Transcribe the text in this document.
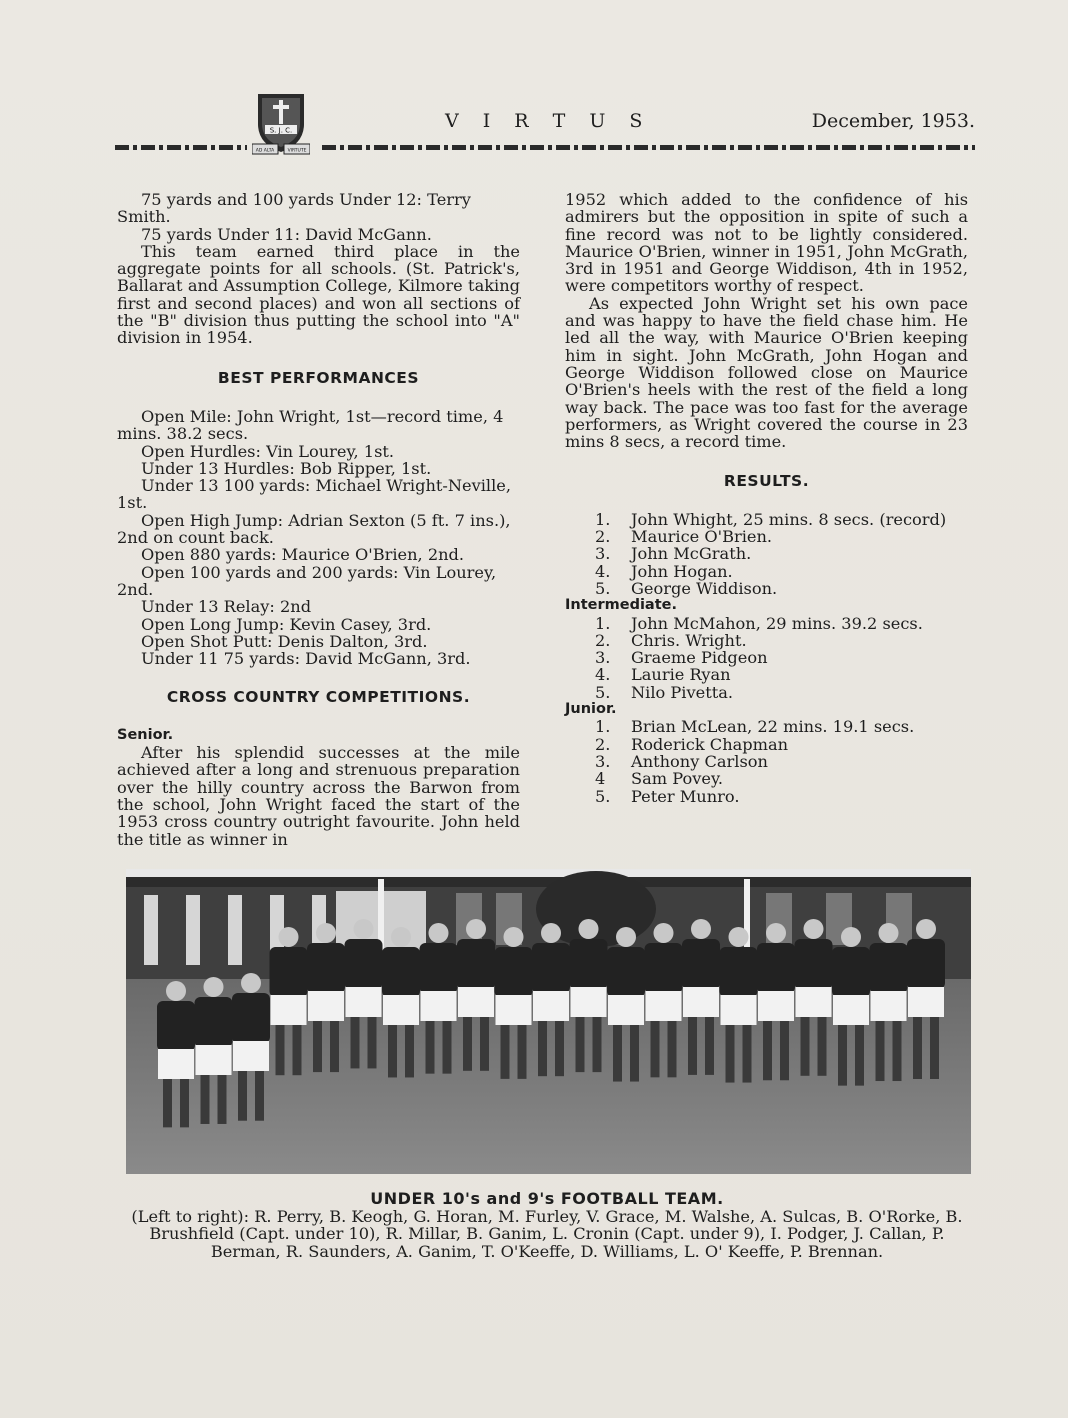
S. J. C.
AD ALTA	VIRTUTE
V I R T U S	December, 1953.

75 yards and 100 yards Under 12: Terry Smith.

75 yards Under 11: David McGann.

This team earned third place in the aggregate points for all schools. (St. Patrick's, Ballarat and Assumption College, Kilmore taking first and second places) and won all sections of the "B" division thus putting the school into "A" division in 1954.

BEST PERFORMANCES

Open Mile: John Wright, 1st—record time, 4 mins. 38.2 secs.

Open Hurdles: Vin Lourey, 1st.

Under 13 Hurdles: Bob Ripper, 1st.

Under 13 100 yards: Michael Wright-Neville, 1st.

Open High Jump: Adrian Sexton (5 ft. 7 ins.), 2nd on count back.

Open 880 yards: Maurice O'Brien, 2nd.

Open 100 yards and 200 yards: Vin Lourey, 2nd.

Under 13 Relay: 2nd

Open Long Jump: Kevin Casey, 3rd.

Open Shot Putt: Denis Dalton, 3rd.

Under 11 75 yards: David McGann, 3rd.

CROSS COUNTRY COMPETITIONS.

Senior.

After his splendid successes at the mile achieved after a long and strenuous preparation over the hilly country across the Barwon from the school, John Wright faced the start of the 1953 cross country outright favourite. John held the title as winner in

1952 which added to the confidence of his admirers but the opposition in spite of such a fine record was not to be lightly considered. Maurice O'Brien, winner in 1951, John McGrath, 3rd in 1951 and George Widdison, 4th in 1952, were competitors worthy of respect.

As expected John Wright set his own pace and was happy to have the field chase him. He led all the way, with Maurice O'Brien keeping him in sight. John McGrath, John Hogan and George Widdison followed close on Maurice O'Brien's heels with the rest of the field a long way back. The pace was too fast for the average performers, as Wright covered the course in 23 mins 8 secs, a record time.

RESULTS.

1. John Whight, 25 mins. 8 secs. (record)
2. Maurice O'Brien.
3. John McGrath.
4. John Hogan.
5. George Widdison.

Intermediate.

1. John McMahon, 29 mins. 39.2 secs.
2. Chris. Wright.
3. Graeme Pidgeon
4. Laurie Ryan
5. Nilo Pivetta.

Junior.

1. Brian McLean, 22 mins. 19.1 secs.
2. Roderick Chapman
3. Anthony Carlson
4 Sam Povey.
5. Peter Munro.
UNDER 10's and 9's FOOTBALL TEAM.
(Left to right): R. Perry, B. Keogh, G. Horan, M. Furley, V. Grace, M. Walshe, A. Sulcas, B. O'Rorke, B. Brushfield (Capt. under 10), R. Millar, B. Ganim, L. Cronin (Capt. under 9), I. Podger, J. Callan, P. Berman, R. Saunders, A. Ganim, T. O'Keeffe, D. Williams, L. O' Keeffe, P. Brennan.
